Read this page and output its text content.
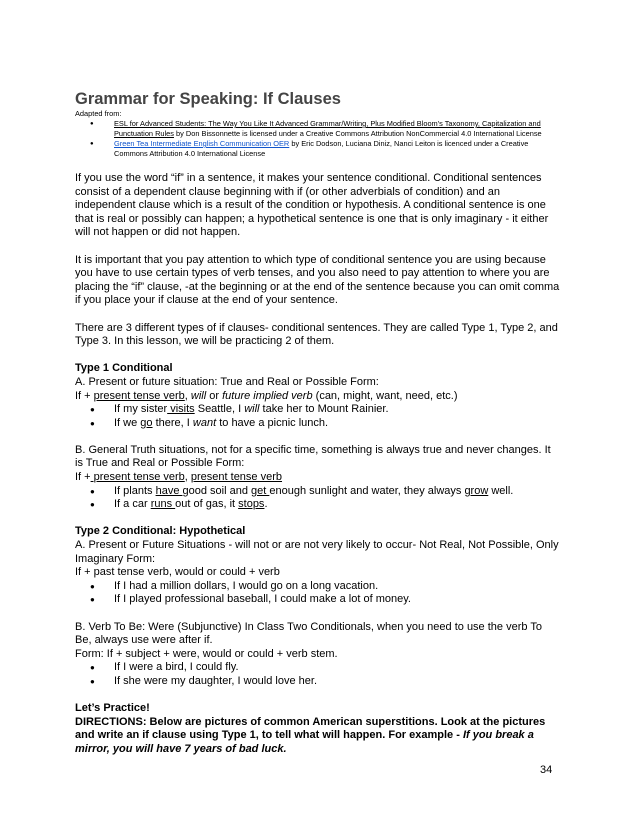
Grammar for Speaking: If Clauses
Adapted from:
● ESL for Advanced Students: The Way You Like It Advanced Grammar/Writing, Plus Modified Bloom's Taxonomy, Capitalization and Punctuation Rules by Don Bissonnette is licensed under a Creative Commons Attribution NonCommercial 4.0 International License
● Green Tea Intermediate English Communication OER by Eric Dodson, Luciana Diniz, Nanci Leiton is licenced under a Creative Commons Attribution 4.0 International License

If you use the word “if” in a sentence, it makes your sentence conditional. Conditional sentences consist of a dependent clause beginning with if (or other adverbials of condition) and an independent clause which is a result of the condition or hypothesis. A conditional sentence is one that is real or possibly can happen; a hypothetical sentence is one that is only imaginary - it either will not happen or did not happen.

It is important that you pay attention to which type of conditional sentence you are using because you have to use certain types of verb tenses, and you also need to pay attention to where you are placing the “if” clause, -at the beginning or at the end of the sentence because you can omit comma if you place your if clause at the end of your sentence.

There are 3 different types of if clauses- conditional sentences. They are called Type 1, Type 2, and Type 3. In this lesson, we will be practicing 2 of them.

Type 1 Conditional

A. Present or future situation: True and Real or Possible Form:

If + present tense verb, will or future implied verb (can, might, want, need, etc.)

● If my sister visits Seattle, I will take her to Mount Rainier.
● If we go there, I want to have a picnic lunch.

B. General Truth situations, not for a specific time, something is always true and never changes. It is True and Real or Possible Form:

If + present tense verb, present tense verb

● If plants have good soil and get enough sunlight and water, they always grow well.
● If a car runs out of gas, it stops.

Type 2 Conditional: Hypothetical

A. Present or Future Situations - will not or are not very likely to occur- Not Real, Not Possible, Only Imaginary Form:

If + past tense verb, would or could + verb

● If I had a million dollars, I would go on a long vacation.
● If I played professional baseball, I could make a lot of money.

B. Verb To Be: Were (Subjunctive) In Class Two Conditionals, when you need to use the verb To Be, always use were after if.

Form: If + subject + were, would or could + verb stem.

● If I were a bird, I could fly.
● If she were my daughter, I would love her.

Let’s Practice!

DIRECTIONS: Below are pictures of common American superstitions. Look at the pictures and write an if clause using Type 1, to tell what will happen. For example - If you break a mirror, you will have 7 years of bad luck.

34
